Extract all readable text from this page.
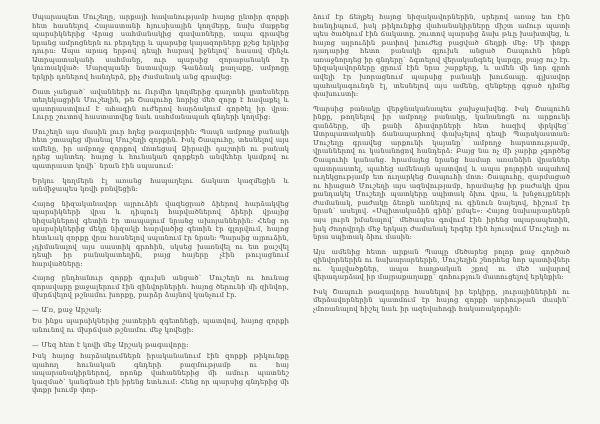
Սպարապետ Մուշեղը, արքայի հավանությամբ հայոց ընտիր զորքի հետ հասնելով Հայաստանի հյուսիսային կողմերը, նախ մաքրեց պարսիկներից Վրաց սահմանակից գավառները, ապա գրավեց նրանց ամրոցներն ու բերդերը և պարսից կայազորները քշեց երկրից դուրս։ Ապա արագ երթով դեպի հարավ իջնելով` հասավ մինչև Ատրպատականի սահմանը, ուր պարսից զորաբանակն էր կուտակված։ Մարզպանի նստավայր Գանձակ քաղաքը, ամրոցը երկրի դռներով հանդերձ, քիչ ժամանակ անց գրավեց։

Շատ չանցած` ավանների ու Ուրմիո կողմերից գաղտնի լրտեսները տեղեկացրին Մուշեղին, թե Շապուհը նորից մեծ զորք է հավաքել և պատրաստվում է ահագին ուժերով հարձակում գործել իր վրա։ Լուրը շուտով հաստատվեց նաև սահմանապահ գնդերի կողմից։

Մուշեղն այս մասին լուր հղեց թագավորին։ Պապն ամբողջ բանակի հետ շտապեց միանալ Մուշեղի զորքին. Իսկ Շապուհը, տեսնելով այս ամենը, իր ամբողջ զորքով մոտեցավ Ձիրավի դաշտին ու բանակ դրեց այնտեղ. հայոց և հունական զորքերն անվեհեր կամքով ու պատրաստ կռվի` նրան էին սպասում։

Երկու կողմերն էլ առանց հապաղելու ճակատ կազմեցին և անմիջապես կռվի բռնվեցին։

Հայոց նիզականավոր այրուձին վազեցրած ձիերով հարձակվեց պարսիկների վրա և դիպուկ հարվածներով ձիերի վրայից նիզակներով գետին էր տապալում նրանց ախոյաններին։ Հենց որ պարսիկներից մեկը նիզակի հարվածից գետին էր գլորվում, հայոց հետևակ զորքը վրա հասնելով սպանում էր նրան։ Պարսից այրուձին, չդիմանալով այս սաստիկ գրոհին, սկսեց խառնվել ու ետ քաշվել դեպի իր բանակատեղին, բայց հայերը չէին թուլացնում հարվածները։

Հայոց ընդհանուր զորքի գլուխն անցած` Մուշեղն ու հունաց զորավարը քաջալերում էին զինվորներին. հայոց ծերունի մի զինվոր, մխրճվելով թշնամու խորքը, բարձր ձայնով կանչում էր.

— Ա՛ռ, քաջ Արշակ։

Ես ինքս պարսիկներից շատերին զգետնեցի, պատվով, հայոց զորքի անունով ու մխրճված թշնամու մեջ կռվեցի։

— Մեզ հետ է կռվի մեջ Արշակ թագավորը։

Իսկ հայոց հարձակումներն իրականանում էին զորքի թիկունքը պահող հունական գնդերի բազմությամբ ու հայ ապարանակիրներով, որոնք վահաններից մի ամուր պատնեշ կազմած` կանգնած էին իրենց ետևում։ Հենց որ պարսից գնդերից մի փոքր խումբ փոր-

ձում էր ճեղքել հայոց նիզակավորներին, սրերով առաջ ետ էին հանդիպում, իսկ թիկունքից վահանակիրները միշտ ամուր պատի պես ծածկում էին ճակատը. շուտով պարսից ձախ թևը խախտվեց, և հայոց այրուձին թափով խուժեց բացված ճեղքի մեջ։ Մի փոքր դադարից հետո բանակի գլուխն անցած Շապուհն ինքն առաջնորդեց իր գնդերը` ձգտելով վերականգնել կարգը, բայց ուշ էր. նիզակավորները ցրում էին նրա շարքերը, և ամեն մի նոր գրոհ ավելի էր խորացնում պարսից բանակի խուճապը. գլխավոր պահակագունդն էլ, տեսնելով այս ամենը, զենքերը գցած դիմեց փախուստի։

Պարսից բանակը վերջնականապես ջախջախվեց. Իսկ Շապուհն ինքը, թողնելով իր ամբողջ բանակը, կանանոցն ու արքունի գանձերը, մի քանի ձիավորների հետ հազիվ փրկվեց` Ատրպատականի ճանապարհով փախչելով դեպի Պարսկաստան։ Մուշեղը գրավեց արքունի կայանը` ամբողջ հարստությամբ, վրաններով ու կանանոցով հանդերձ։ Բայց նա ոչ մի չարիք չգործեց Շապուհի կանանց. հրամայեց նրանց համար առանձին վրաններ պատրաստել, պահեց ամենայն պատվով և ապա բոլորին ապահով ուղեկցությամբ ետ ուղարկեց Շապուհի մոտ։ Շապուհը, զարմացած ու հիացած Մուշեղի այս ազնվությամբ, հրամայեց իր բաժակի վրա քանդակել Մուշեղի պատկերը սպիտակ ձիու վրա, և խնջույքների ժամանակ, բաժակը ձեռքն առնելով ու գինուն նայելով, հիշում էր նրան` ասելով. «Սպիտակաձին գինի՛ ըմպե»։ Հայոց նախարարներն այս լուրն իմանալով` մեծապես գովում էին իրենց սպարապետին, իսկ ժողովրդի մեջ երկար ժամանակ երգեր էին հյուսվում Մուշեղի ու նրա սպիտակ ձիու մասին։

Այս ամենից հետո արքան Պապը մեծարեց բոլոր քաջ գործած զինվորներին ու նախարարներին, Մուշեղին շնորհեց նոր պատիվներ ու կալվածքներ, ապա հաղթական շքով ու մեծ ավարով վերադարձավ իր մայրաքաղաքը` գոհություն մատուցելով երկնքին։

Իսկ Շապուհ թագավորը հասնելով իր երկիրը, յուրայիններին ու մերձավորներին պատմում էր հայոց զորքի արիության մասին` չմոռանալով հիշել նաև իր ազնվահոգի հակառակորդին։
